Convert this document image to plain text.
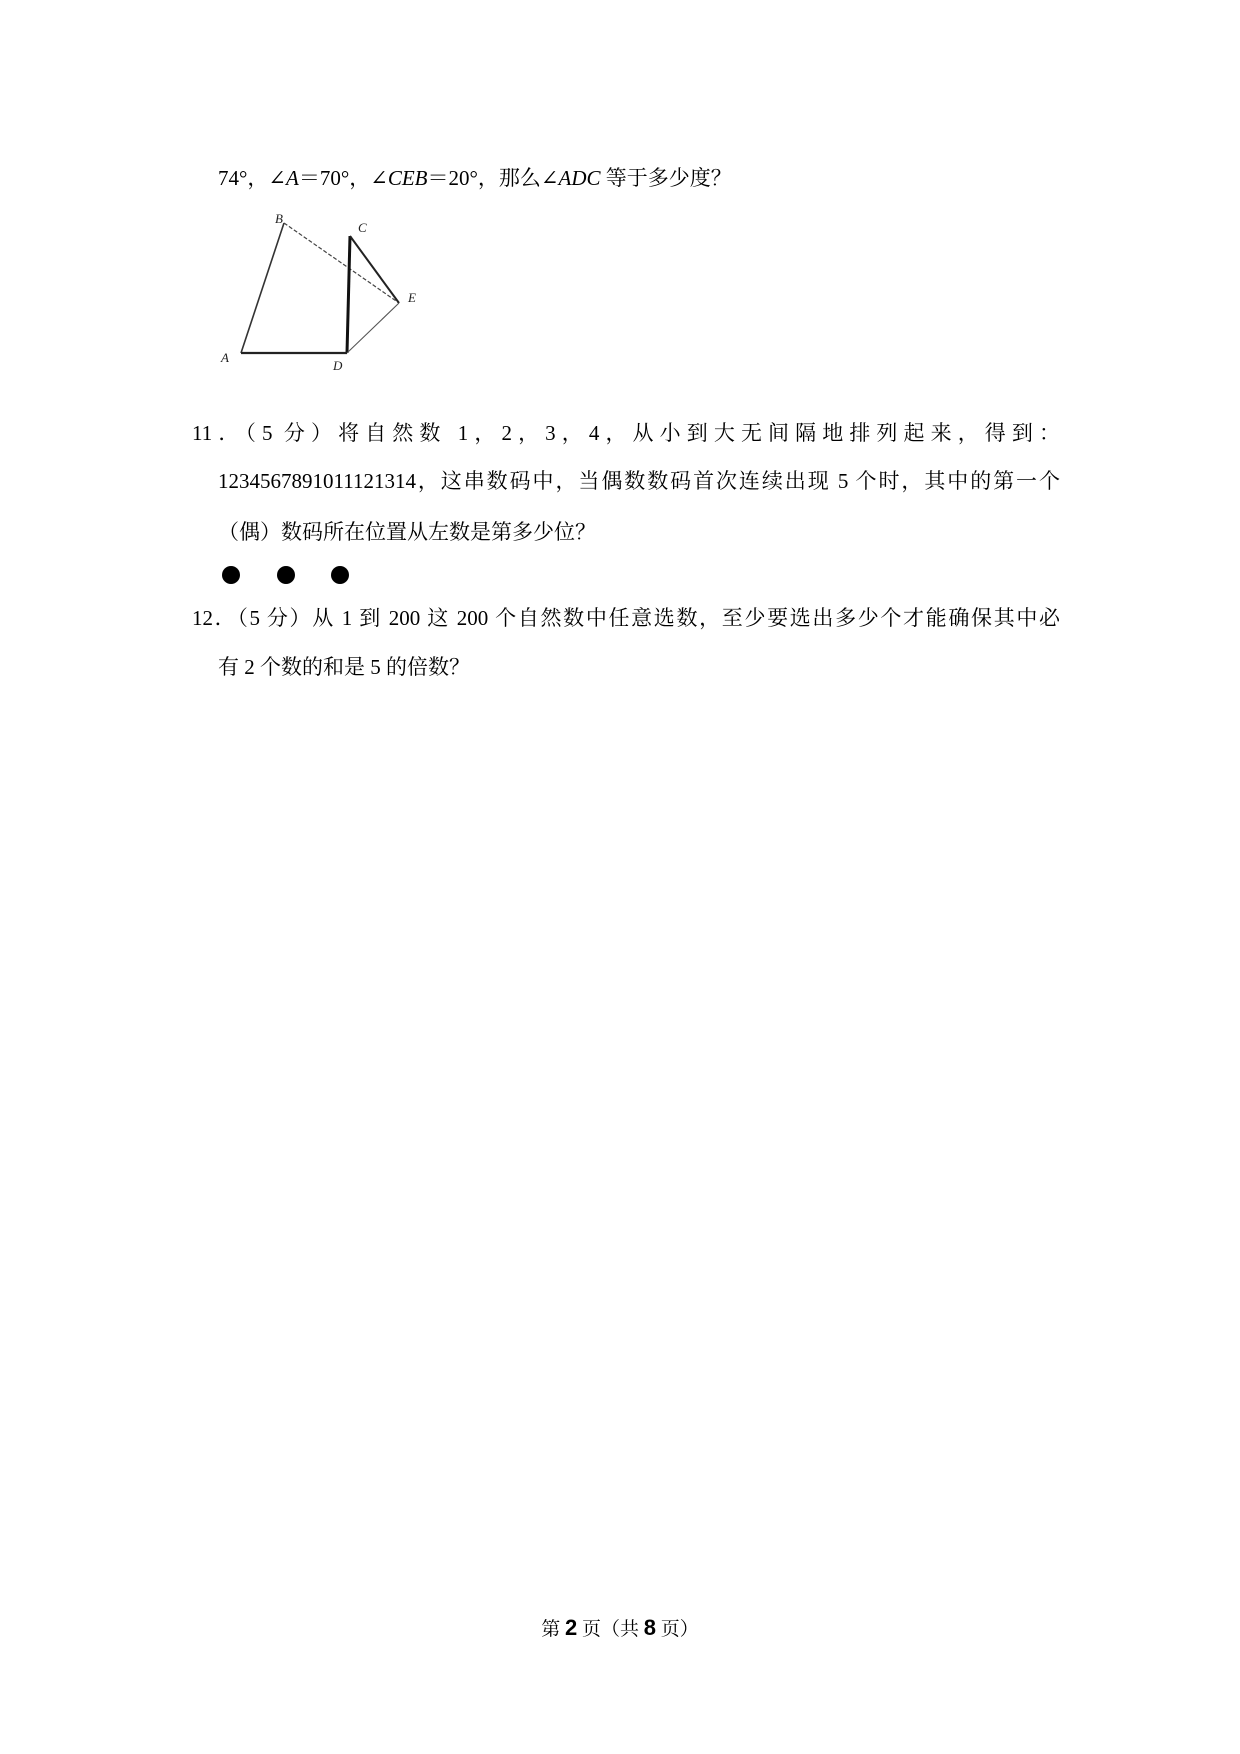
74°，∠A＝70°，∠CEB＝20°，那么∠ADC 等于多少度？
B
C
E
A
D
11．（5 分）将自然数 1，2，3，4，从小到大无间隔地排列起来，得到：
1234567891011121314，这串数码中，当偶数数码首次连续出现 5 个时，其中的第一个
（偶）数码所在位置从左数是第多少位？
12．（5 分）从 1 到 200 这 200 个自然数中任意选数，至少要选出多少个才能确保其中必
有 2 个数的和是 5 的倍数？
第 2 页（共 8 页）
